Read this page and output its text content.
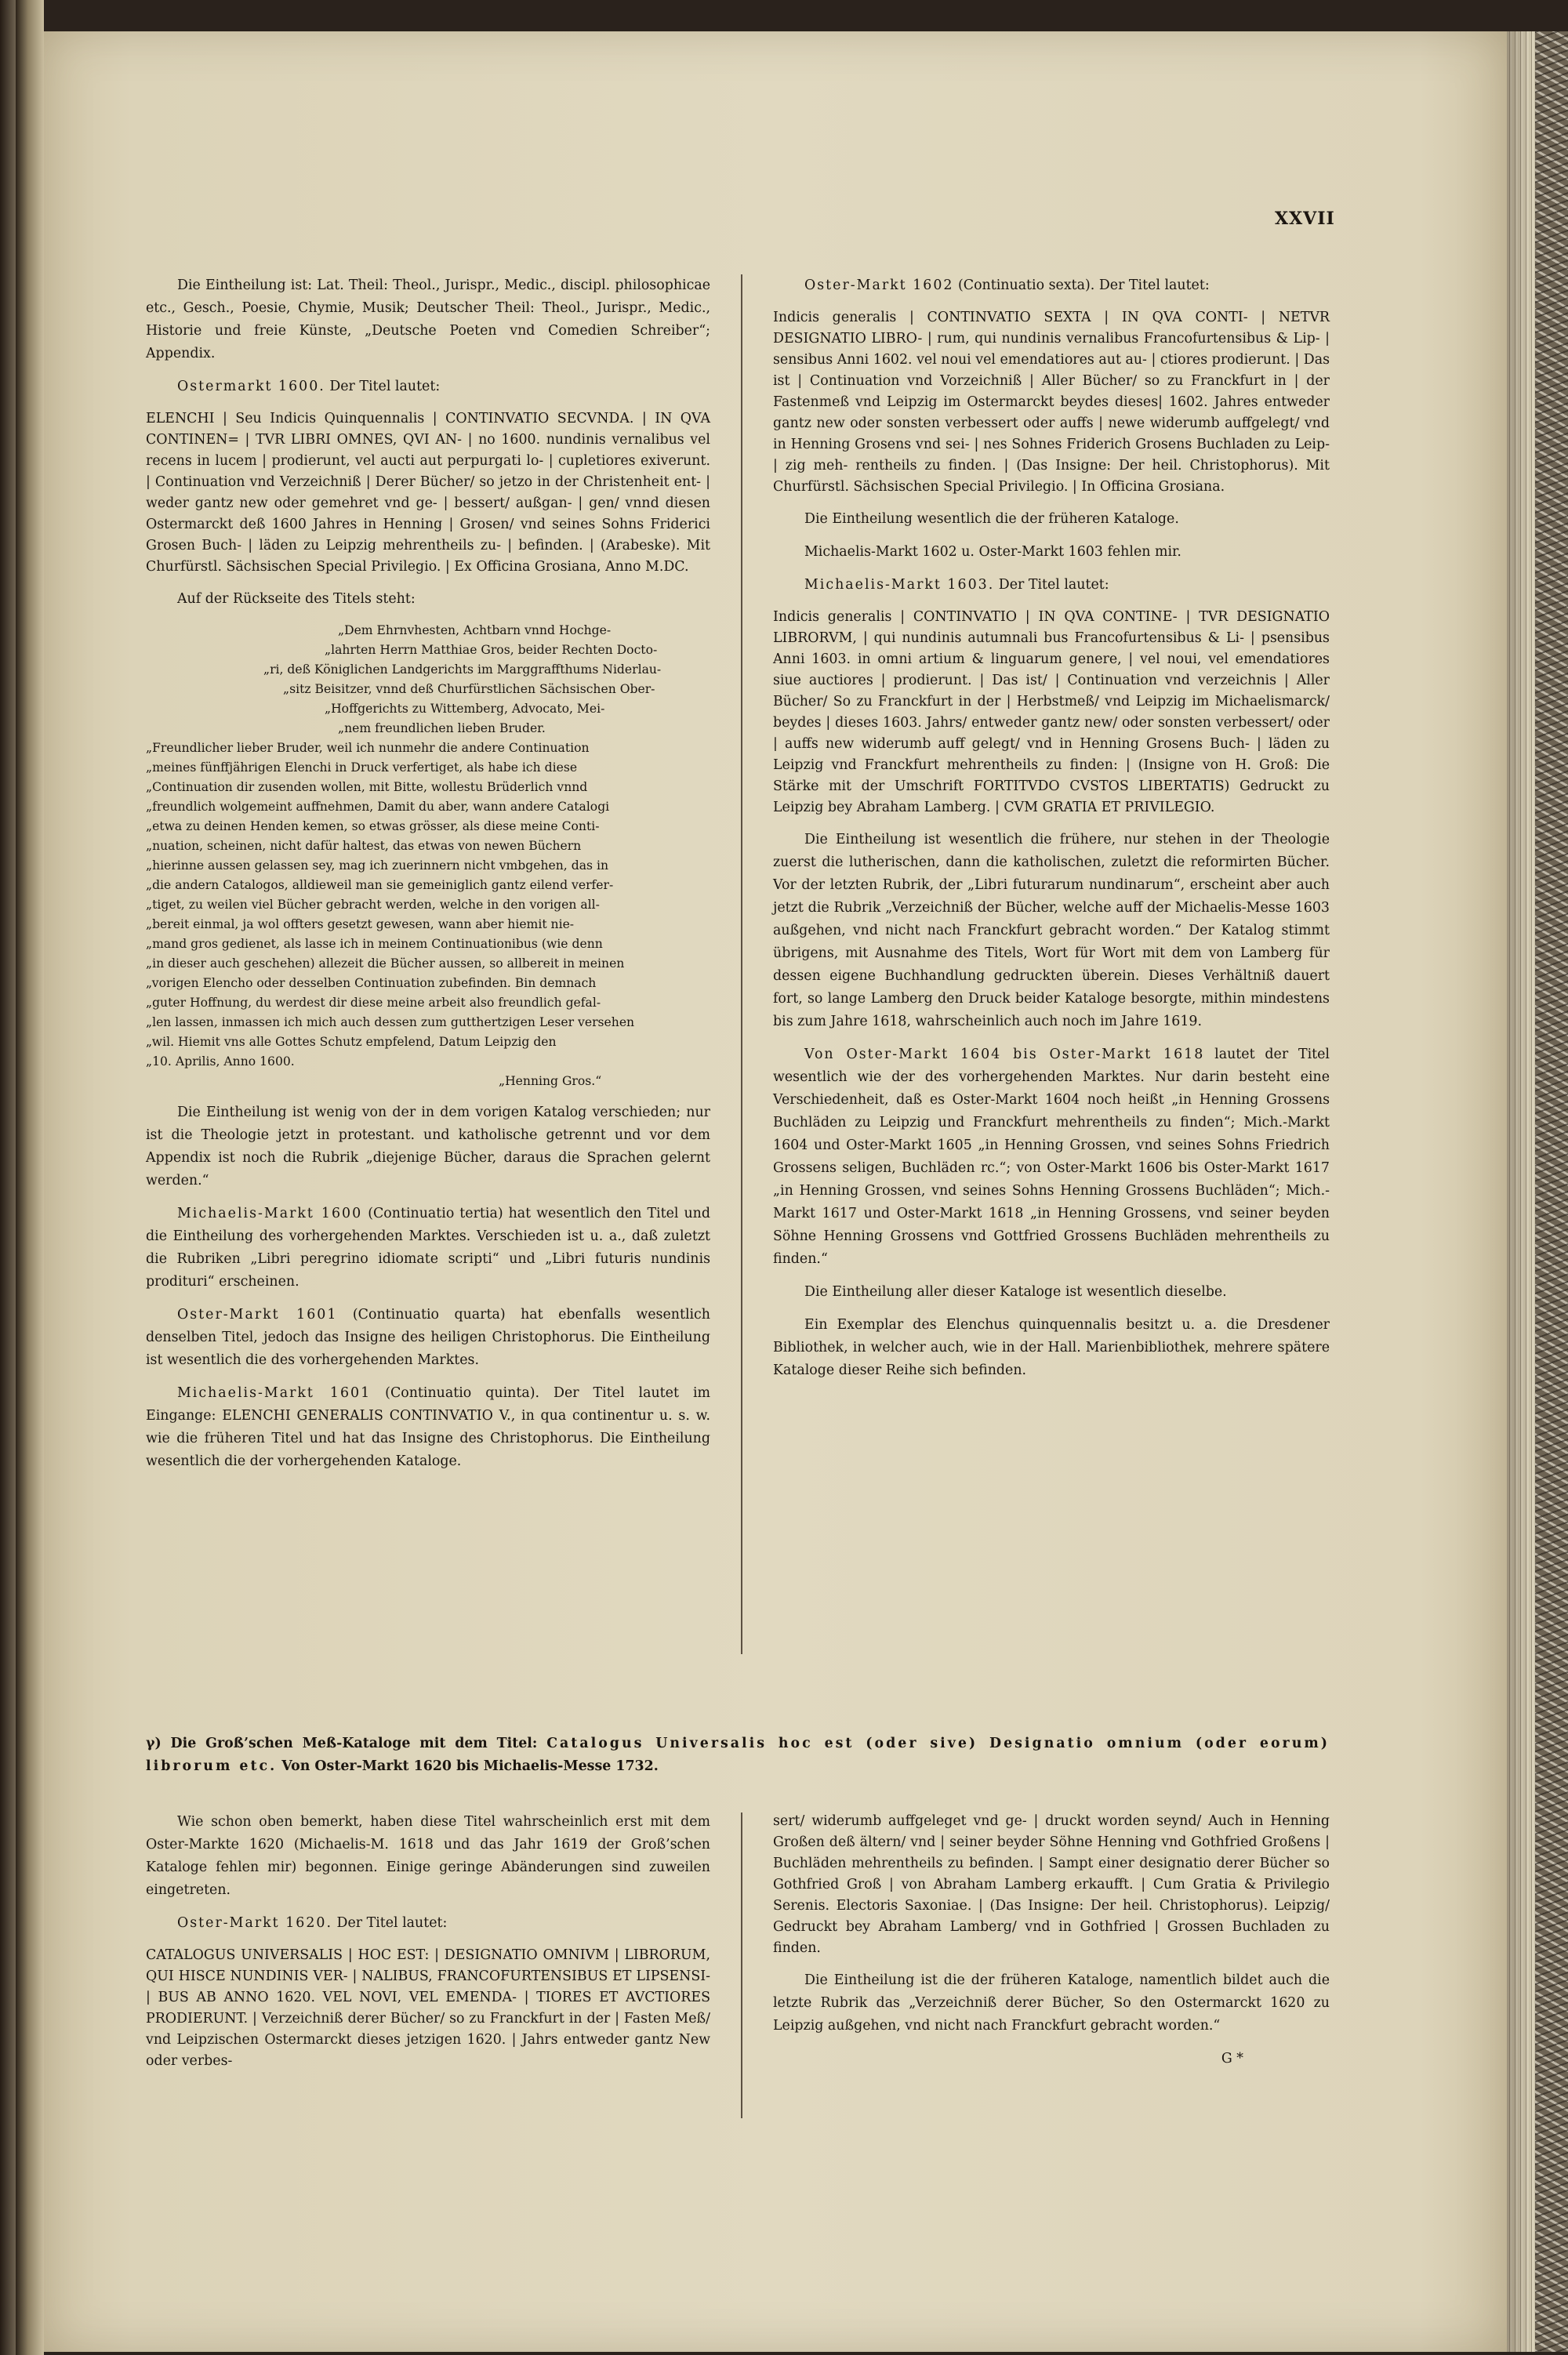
XXVII

Die Eintheilung ist: Lat. Theil: Theol., Jurispr., Medic., discipl. philosophicae etc., Gesch., Poesie, Chymie, Musik; Deutscher Theil: Theol., Jurispr., Medic., Historie und freie Künste, „Deutsche Poeten vnd Comedien Schreiber“; Appendix.

Ostermarkt 1600. Der Titel lautet:

ELENCHI | Seu Indicis Quinquennalis | CONTINVATIO SECVNDA. | IN QVA CONTINEN= | TVR LIBRI OMNES, QVI AN- | no 1600. nundinis vernalibus vel recens in lucem | prodierunt, vel aucti aut perpurgati lo- | cupletiores exiverunt. | Continuation vnd Verzeichniß | Derer Bücher/ so jetzo in der Christenheit ent- | weder gantz new oder gemehret vnd ge- | bessert/ außgan- | gen/ vnnd diesen Ostermarckt deß 1600 Jahres in Henning | Grosen/ vnd seines Sohns Friderici Grosen Buch- | läden zu Leipzig mehrentheils zu- | befinden. | (Arabeske). Mit Churfürstl. Sächsischen Special Privilegio. | Ex Officina Grosiana, Anno M.DC.

Auf der Rückseite des Titels steht:

„Dem Ehrnvhesten, Achtbarn vnnd Hochge-
„lahrten Herrn Matthiae Gros, beider Rechten Docto-
„ri, deß Königlichen Landgerichts im Marggraffthums Niderlau-
„sitz Beisitzer, vnnd deß Churfürstlichen Sächsischen Ober-
„Hoffgerichts zu Wittemberg, Advocato, Mei-
„nem freundlichen lieben Bruder.
„Freundlicher lieber Bruder, weil ich nunmehr die andere Continuation
„meines fünffjährigen Elenchi in Druck verfertiget, als habe ich diese
„Continuation dir zusenden wollen, mit Bitte, wollestu Brüderlich vnnd
„freundlich wolgemeint auffnehmen, Damit du aber, wann andere Catalogi
„etwa zu deinen Henden kemen, so etwas grösser, als diese meine Conti-
„nuation, scheinen, nicht dafür haltest, das etwas von newen Büchern
„hierinne aussen gelassen sey, mag ich zuerinnern nicht vmbgehen, das in
„die andern Catalogos, alldieweil man sie gemeiniglich gantz eilend verfer-
„tiget, zu weilen viel Bücher gebracht werden, welche in den vorigen all-
„bereit einmal, ja wol offters gesetzt gewesen, wann aber hiemit nie-
„mand gros gedienet, als lasse ich in meinem Continuationibus (wie denn
„in dieser auch geschehen) allezeit die Bücher aussen, so allbereit in meinen
„vorigen Elencho oder desselben Continuation zubefinden. Bin demnach
„guter Hoffnung, du werdest dir diese meine arbeit also freundlich gefal-
„len lassen, inmassen ich mich auch dessen zum gutthertzigen Leser versehen
„wil. Hiemit vns alle Gottes Schutz empfelend, Datum Leipzig den
„10. Aprilis, Anno 1600.
„Henning Gros.“

Die Eintheilung ist wenig von der in dem vorigen Katalog verschieden; nur ist die Theologie jetzt in protestant. und katholische getrennt und vor dem Appendix ist noch die Rubrik „diejenige Bücher, daraus die Sprachen gelernt werden.“

Michaelis-Markt 1600 (Continuatio tertia) hat wesentlich den Titel und die Eintheilung des vorhergehenden Marktes. Verschieden ist u. a., daß zuletzt die Rubriken „Libri peregrino idiomate scripti“ und „Libri futuris nundinis prodituri“ erscheinen.

Oster-Markt 1601 (Continuatio quarta) hat ebenfalls wesentlich denselben Titel, jedoch das Insigne des heiligen Christophorus. Die Eintheilung ist wesentlich die des vorhergehenden Marktes.

Michaelis-Markt 1601 (Continuatio quinta). Der Titel lautet im Eingange: ELENCHI GENERALIS CONTINVATIO V., in qua continentur u. s. w. wie die früheren Titel und hat das Insigne des Christophorus. Die Eintheilung wesentlich die der vorhergehenden Kataloge.

Oster-Markt 1602 (Continuatio sexta). Der Titel lautet:

Indicis generalis | CONTINVATIO SEXTA | IN QVA CONTI- | NETVR DESIGNATIO LIBRO- | rum, qui nundinis vernalibus Francofurtensibus & Lip- | sensibus Anni 1602. vel noui vel emendatiores aut au- | ctiores prodierunt. | Das ist | Continuation vnd Vorzeichniß | Aller Bücher/ so zu Franckfurt in | der Fastenmeß vnd Leipzig im Ostermarckt beydes dieses| 1602. Jahres entweder gantz new oder sonsten verbessert oder auffs | newe widerumb auffgelegt/ vnd in Henning Grosens vnd sei- | nes Sohnes Friderich Grosens Buchladen zu Leip- | zig meh- rentheils zu finden. | (Das Insigne: Der heil. Christophorus). Mit Churfürstl. Sächsischen Special Privilegio. | In Officina Grosiana.

Die Eintheilung wesentlich die der früheren Kataloge.

Michaelis-Markt 1602 u. Oster-Markt 1603 fehlen mir.

Michaelis-Markt 1603. Der Titel lautet:

Indicis generalis | CONTINVATIO | IN QVA CONTINE- | TVR DESIGNATIO LIBRORVM, | qui nundinis autumnali bus Francofurtensibus & Li- | psensibus Anni 1603. in omni artium & linguarum genere, | vel noui, vel emendatiores siue auctiores | prodierunt. | Das ist/ | Continuation vnd verzeichnis | Aller Bücher/ So zu Franckfurt in der | Herbstmeß/ vnd Leipzig im Michaelismarck/ beydes | dieses 1603. Jahrs/ entweder gantz new/ oder sonsten verbessert/ oder | auffs new widerumb auff gelegt/ vnd in Henning Grosens Buch- | läden zu Leipzig vnd Franckfurt mehrentheils zu finden: | (Insigne von H. Groß: Die Stärke mit der Umschrift FORTITVDO CVSTOS LIBERTATIS) Gedruckt zu Leipzig bey Abraham Lamberg. | CVM GRATIA ET PRIVILEGIO.

Die Eintheilung ist wesentlich die frühere, nur stehen in der Theologie zuerst die lutherischen, dann die katholischen, zuletzt die reformirten Bücher. Vor der letzten Rubrik, der „Libri futurarum nundinarum“, erscheint aber auch jetzt die Rubrik „Verzeichniß der Bücher, welche auff der Michaelis-Messe 1603 außgehen, vnd nicht nach Franckfurt gebracht worden.“ Der Katalog stimmt übrigens, mit Ausnahme des Titels, Wort für Wort mit dem von Lamberg für dessen eigene Buchhandlung gedruckten überein. Dieses Verhältniß dauert fort, so lange Lamberg den Druck beider Kataloge besorgte, mithin mindestens bis zum Jahre 1618, wahrscheinlich auch noch im Jahre 1619.

Von Oster-Markt 1604 bis Oster-Markt 1618 lautet der Titel wesentlich wie der des vorhergehenden Marktes. Nur darin besteht eine Verschiedenheit, daß es Oster-Markt 1604 noch heißt „in Henning Grossens Buchläden zu Leipzig und Franckfurt mehrentheils zu finden“; Mich.-Markt 1604 und Oster-Markt 1605 „in Henning Grossen, vnd seines Sohns Friedrich Grossens seligen, Buchläden rc.“; von Oster-Markt 1606 bis Oster-Markt 1617 „in Henning Grossen, vnd seines Sohns Henning Grossens Buchläden“; Mich.-Markt 1617 und Oster-Markt 1618 „in Henning Grossens, vnd seiner beyden Söhne Henning Grossens vnd Gottfried Grossens Buchläden mehrentheils zu finden.“

Die Eintheilung aller dieser Kataloge ist wesentlich dieselbe.

Ein Exemplar des Elenchus quinquennalis besitzt u. a. die Dresdener Bibliothek, in welcher auch, wie in der Hall. Marienbibliothek, mehrere spätere Kataloge dieser Reihe sich befinden.

γ) Die Groß’schen Meß-Kataloge mit dem Titel: Catalogus Universalis hoc est (oder sive) Designatio omnium (oder eorum) librorum etc. Von Oster-Markt 1620 bis Michaelis-Messe 1732.

Wie schon oben bemerkt, haben diese Titel wahrscheinlich erst mit dem Oster-Markte 1620 (Michaelis-M. 1618 und das Jahr 1619 der Groß’schen Kataloge fehlen mir) begonnen. Einige geringe Abänderungen sind zuweilen eingetreten.

Oster-Markt 1620. Der Titel lautet:

CATALOGUS UNIVERSALIS | HOC EST: | DESIGNATIO OMNIVM | LIBRORUM, QUI HISCE NUNDINIS VER- | NALIBUS, FRANCOFURTENSIBUS ET LIPSENSI- | BUS AB ANNO 1620. VEL NOVI, VEL EMENDA- | TIORES ET AVCTIORES PRODIERUNT. | Verzeichniß derer Bücher/ so zu Franckfurt in der | Fasten Meß/ vnd Leipzischen Ostermarckt dieses jetzigen 1620. | Jahrs entweder gantz New oder verbes-

sert/ widerumb auffgeleget vnd ge- | druckt worden seynd/ Auch in Henning Großen deß ältern/ vnd | seiner beyder Söhne Henning vnd Gothfried Großens | Buchläden mehrentheils zu befinden. | Sampt einer designatio derer Bücher so Gothfried Groß | von Abraham Lamberg erkaufft. | Cum Gratia & Privilegio Serenis. Electoris Saxoniae. | (Das Insigne: Der heil. Christophorus). Leipzig/ Gedruckt bey Abraham Lamberg/ vnd in Gothfried | Grossen Buchladen zu finden.

Die Eintheilung ist die der früheren Kataloge, namentlich bildet auch die letzte Rubrik das „Verzeichniß derer Bücher, So den Ostermarckt 1620 zu Leipzig außgehen, vnd nicht nach Franckfurt gebracht worden.“

G *
